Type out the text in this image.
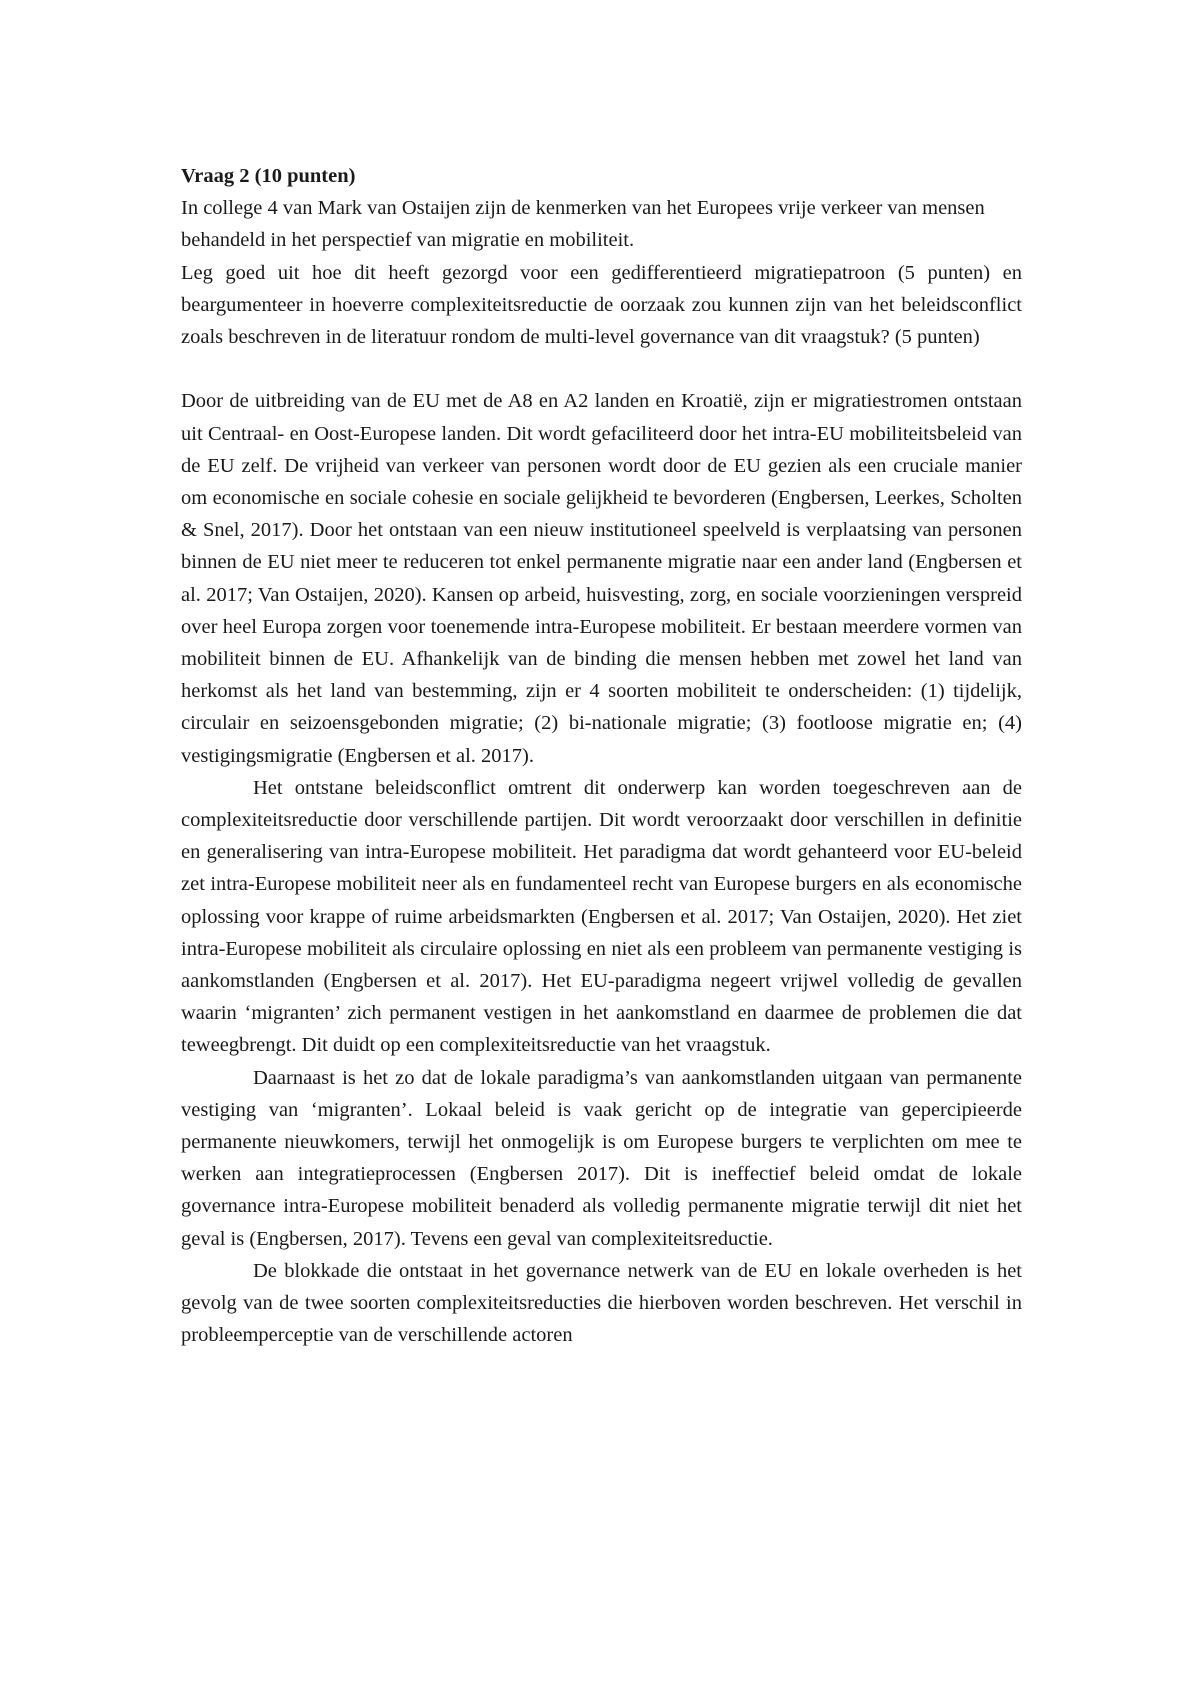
Vraag 2 (10 punten)

In college 4 van Mark van Ostaijen zijn de kenmerken van het Europees vrije verkeer van mensen behandeld in het perspectief van migratie en mobiliteit.

Leg goed uit hoe dit heeft gezorgd voor een gedifferentieerd migratiepatroon (5 punten) en beargumenteer in hoeverre complexiteitsreductie de oorzaak zou kunnen zijn van het beleidsconflict zoals beschreven in de literatuur rondom de multi-level governance van dit vraagstuk? (5 punten)

Door de uitbreiding van de EU met de A8 en A2 landen en Kroatië, zijn er migratiestromen ontstaan uit Centraal- en Oost-Europese landen. Dit wordt gefaciliteerd door het intra-EU mobiliteitsbeleid van de EU zelf. De vrijheid van verkeer van personen wordt door de EU gezien als een cruciale manier om economische en sociale cohesie en sociale gelijkheid te bevorderen (Engbersen, Leerkes, Scholten & Snel, 2017). Door het ontstaan van een nieuw institutioneel speelveld is verplaatsing van personen binnen de EU niet meer te reduceren tot enkel permanente migratie naar een ander land (Engbersen et al. 2017; Van Ostaijen, 2020). Kansen op arbeid, huisvesting, zorg, en sociale voorzieningen verspreid over heel Europa zorgen voor toenemende intra-Europese mobiliteit. Er bestaan meerdere vormen van mobiliteit binnen de EU. Afhankelijk van de binding die mensen hebben met zowel het land van herkomst als het land van bestemming, zijn er 4 soorten mobiliteit te onderscheiden: (1) tijdelijk, circulair en seizoensgebonden migratie; (2) bi-nationale migratie; (3) footloose migratie en; (4) vestigingsmigratie (Engbersen et al. 2017).

Het ontstane beleidsconflict omtrent dit onderwerp kan worden toegeschreven aan de complexiteitsreductie door verschillende partijen. Dit wordt veroorzaakt door verschillen in definitie en generalisering van intra-Europese mobiliteit. Het paradigma dat wordt gehanteerd voor EU-beleid zet intra-Europese mobiliteit neer als en fundamenteel recht van Europese burgers en als economische oplossing voor krappe of ruime arbeidsmarkten (Engbersen et al. 2017; Van Ostaijen, 2020). Het ziet intra-Europese mobiliteit als circulaire oplossing en niet als een probleem van permanente vestiging is aankomstlanden (Engbersen et al. 2017). Het EU-paradigma negeert vrijwel volledig de gevallen waarin ‘migranten’ zich permanent vestigen in het aankomstland en daarmee de problemen die dat teweegbrengt. Dit duidt op een complexiteitsreductie van het vraagstuk.

Daarnaast is het zo dat de lokale paradigma’s van aankomstlanden uitgaan van permanente vestiging van ‘migranten’. Lokaal beleid is vaak gericht op de integratie van gepercipieerde permanente nieuwkomers, terwijl het onmogelijk is om Europese burgers te verplichten om mee te werken aan integratieprocessen (Engbersen 2017). Dit is ineffectief beleid omdat de lokale governance intra-Europese mobiliteit benaderd als volledig permanente migratie terwijl dit niet het geval is (Engbersen, 2017). Tevens een geval van complexiteitsreductie.

De blokkade die ontstaat in het governance netwerk van de EU en lokale overheden is het gevolg van de twee soorten complexiteitsreducties die hierboven worden beschreven. Het verschil in probleemperceptie van de verschillende actoren
